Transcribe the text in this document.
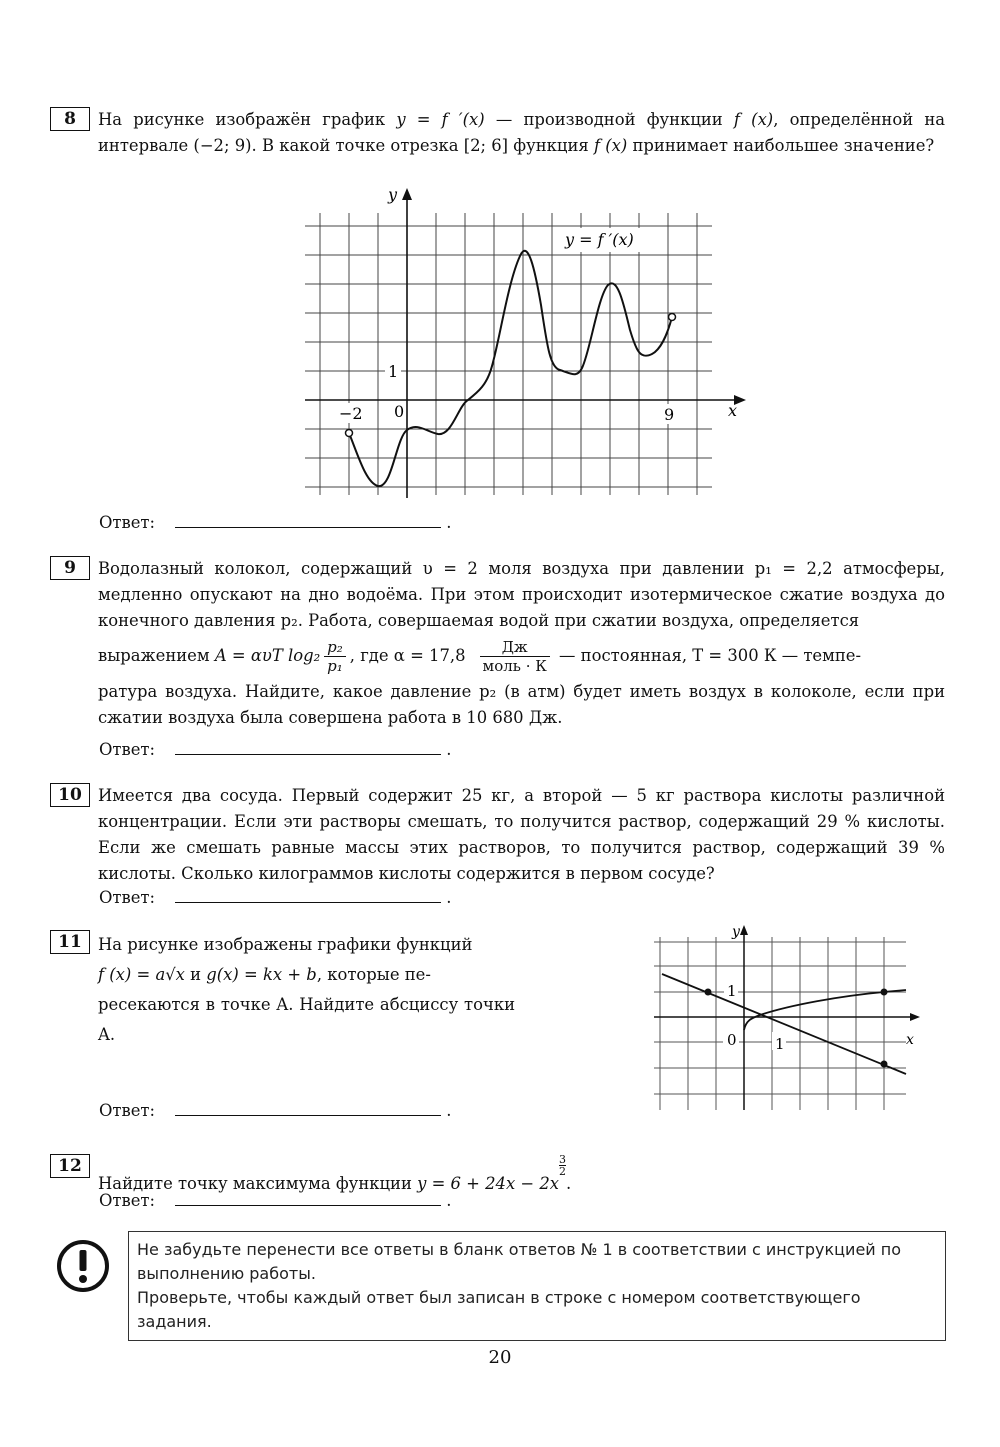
8	На рисунке изображён график y = f ′(x) — производной функции f (x), определённой на интервале (−2; 9). В какой точке отрезка [2; 6] функция f (x) принимает наибольшее значение?
y
x
y = f ′(x)
−2 0	9
1
Ответ:	.
9	Водолазный колокол, содержащий υ = 2 моля воздуха при давлении p₁ = 2,2 атмосферы, медленно опускают на дно водоёма. При этом происходит изотермическое сжатие воздуха до конечного давления p₂. Работа, совершаемая водой при сжатии воздуха, определяется
выражением A = αυT $\log_2 \frac{\text{p₂}}{\text{p₁}}$ , где $\alpha = 17,8 \frac{Дж}{\text{моль · К}}$ — постоянная, T = 300 К — темпе-
ратура воздуха. Найдите, какое давление p₂ (в атм) будет иметь воздух в колоколе, если при сжатии воздуха была совершена работа в 10 680 Дж.
Ответ:	.
10 Имеется два сосуда. Первый содержит 25 кг, а второй — 5 кг раствора кислоты различной концентрации. Если эти растворы смешать, то получится раствор, содержащий 29 % кислоты. Если же смешать равные массы этих растворов, то получится раствор, содержащий 39 % кислоты. Сколько килограммов кислоты содержится в первом сосуде?
Ответ:	.
11 На рисунке изображены графики функций
f (x) = a√x и g(x) = kx + b, которые пе-
ресекаются в точке A. Найдите абсциссу точки A.
y
x
1
0	1
Ответ:	.
12
Найдите точку максимума функции y = 6 + 24x − 2x
$\frac{3}{2}$
.
Ответ:	.
Не забудьте перенести все ответы в бланк ответов № 1 в соответствии с инструкцией по выполнению работы.
Проверьте, чтобы каждый ответ был записан в строке с номером соответствующего задания.
20
